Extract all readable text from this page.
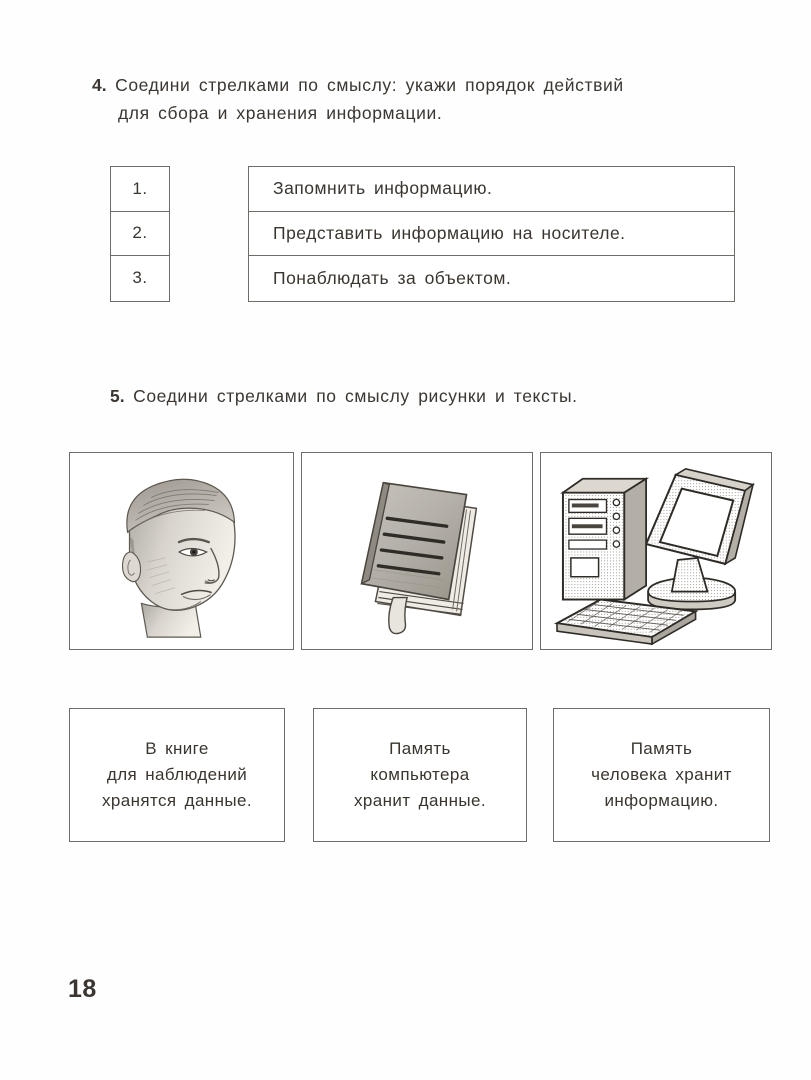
4. Соедини стрелками по смыслу: укажи порядок действий
для сбора и хранения информации.
1.
2.
3.
Запомнить информацию.
Представить информацию на носителе.
Понаблюдать за объектом.
5. Соедини стрелками по смыслу рисунки и тексты.
В книге
для наблюдений
хранятся данные.
Память
компьютера
хранит данные.
Память
человека хранит
информацию.
18
